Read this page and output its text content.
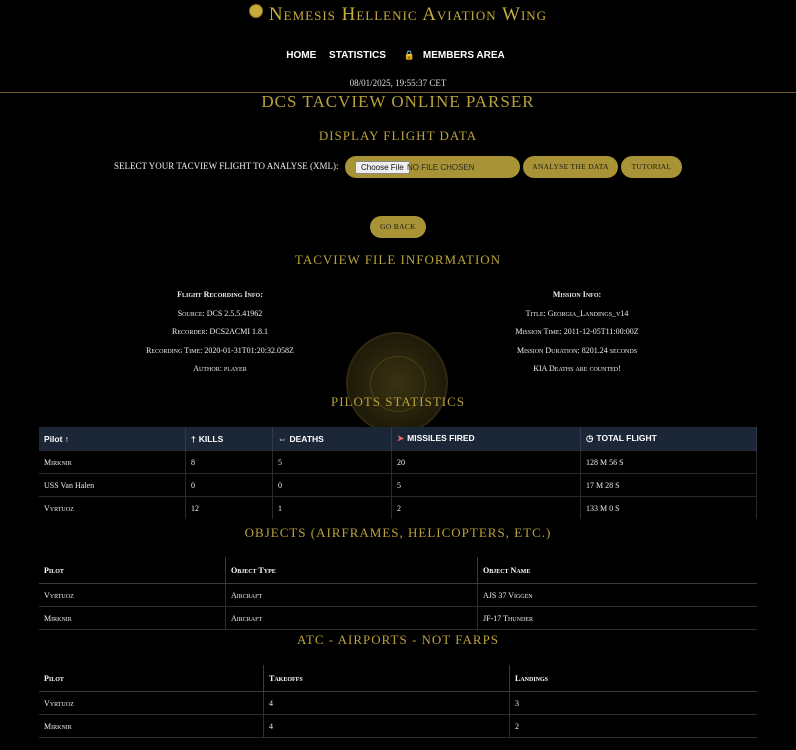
Nemesis Hellenic Aviation Wing
HOME STATISTICS 🔒 MEMBERS AREA
08/01/2025, 19:55:37 CET
DCS TACVIEW ONLINE PARSER
DISPLAY FLIGHT DATA
SELECT YOUR TACVIEW FLIGHT TO ANALYSE (XML):	Choose File NO FILE CHOSEN	ANALYSE THE DATA	TUTORIAL
GO BACK
TACVIEW FILE INFORMATION
Flight Recording Info:
Source: DCS 2.5.5.41962
Recorder: DCS2ACMI 1.8.1
Recording Time: 2020-01-31T01:20:32.058Z
Author: player
Mission Info:
Title: Georgia_Landings_v14
Mission Time: 2011-12-05T11:00:00Z
Mission Duration: 8201.24 seconds
KIA Deaths are counted!
PILOTS STATISTICS
Pilot ↑	† KILLS	⇔ DEATHS	➤ MISSILES FIRED	◷ TOTAL FLIGHT
Mirknir	8	5	20	128 M 56 S
USS Van Halen	0	0	5	17 M 28 S
Vyrtuoz	12	1	2	133 M 0 S
OBJECTS (AIRFRAMES, HELICOPTERS, ETC.)
Pilot	Object Type	Object Name
Vyrtuoz	Aircraft	AJS 37 Viggen
Mirknir	Aircraft	JF-17 Thunder
ATC - AIRPORTS - NOT FARPS
Pilot	Takeoffs	Landings
Vyrtuoz	4	3
Mirknir	4	2
